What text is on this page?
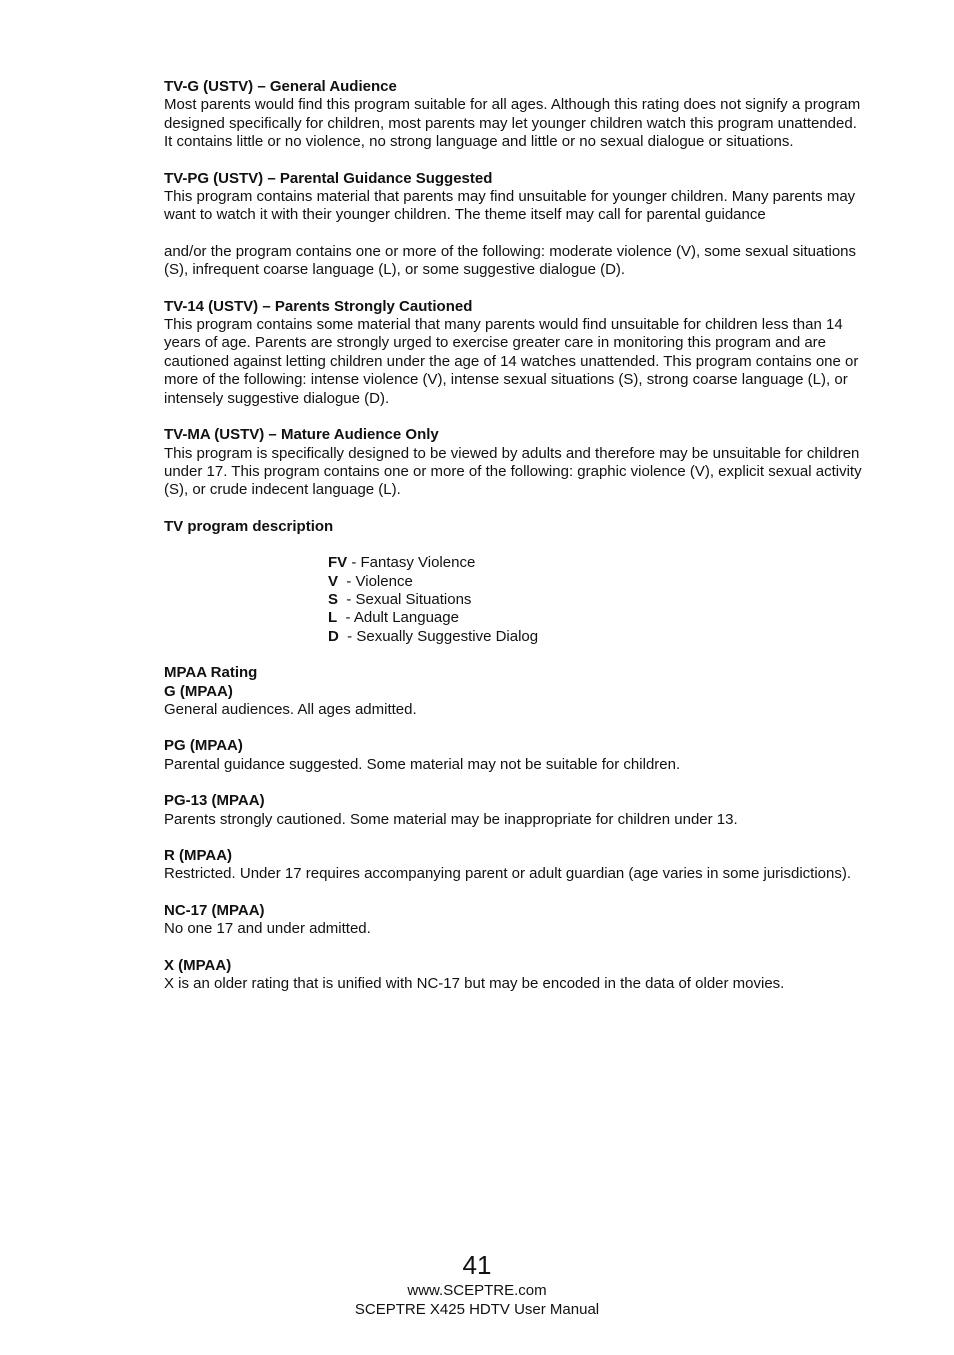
TV-G (USTV) – General Audience
Most parents would find this program suitable for all ages. Although this rating does not signify a program designed specifically for children, most parents may let younger children watch this program unattended. It contains little or no violence, no strong language and little or no sexual dialogue or situations.
TV-PG (USTV) – Parental Guidance Suggested
This program contains material that parents may find unsuitable for younger children. Many parents may want to watch it with their younger children. The theme itself may call for parental guidance
and/or the program contains one or more of the following: moderate violence (V), some sexual situations (S), infrequent coarse language (L), or some suggestive dialogue (D).
TV-14 (USTV) – Parents Strongly Cautioned
This program contains some material that many parents would find unsuitable for children less than 14 years of age. Parents are strongly urged to exercise greater care in monitoring this program and are cautioned against letting children under the age of 14 watches unattended. This program contains one or more of the following: intense violence (V), intense sexual situations (S), strong coarse language (L), or intensely suggestive dialogue (D).
TV-MA (USTV) – Mature Audience Only
This program is specifically designed to be viewed by adults and therefore may be unsuitable for children under 17. This program contains one or more of the following: graphic violence (V), explicit sexual activity (S), or crude indecent language (L).
TV program description
FV - Fantasy Violence
V  - Violence
S  - Sexual Situations
L  - Adult Language
D  - Sexually Suggestive Dialog
MPAA Rating
G (MPAA)
General audiences. All ages admitted.
PG (MPAA)
Parental guidance suggested. Some material may not be suitable for children.
PG-13 (MPAA)
Parents strongly cautioned. Some material may be inappropriate for children under 13.
R (MPAA)
Restricted. Under 17 requires accompanying parent or adult guardian (age varies in some jurisdictions).
NC-17 (MPAA)
No one 17 and under admitted.
X (MPAA)
X is an older rating that is unified with NC-17 but may be encoded in the data of older movies.
41
www.SCEPTRE.com
SCEPTRE X425 HDTV User Manual
